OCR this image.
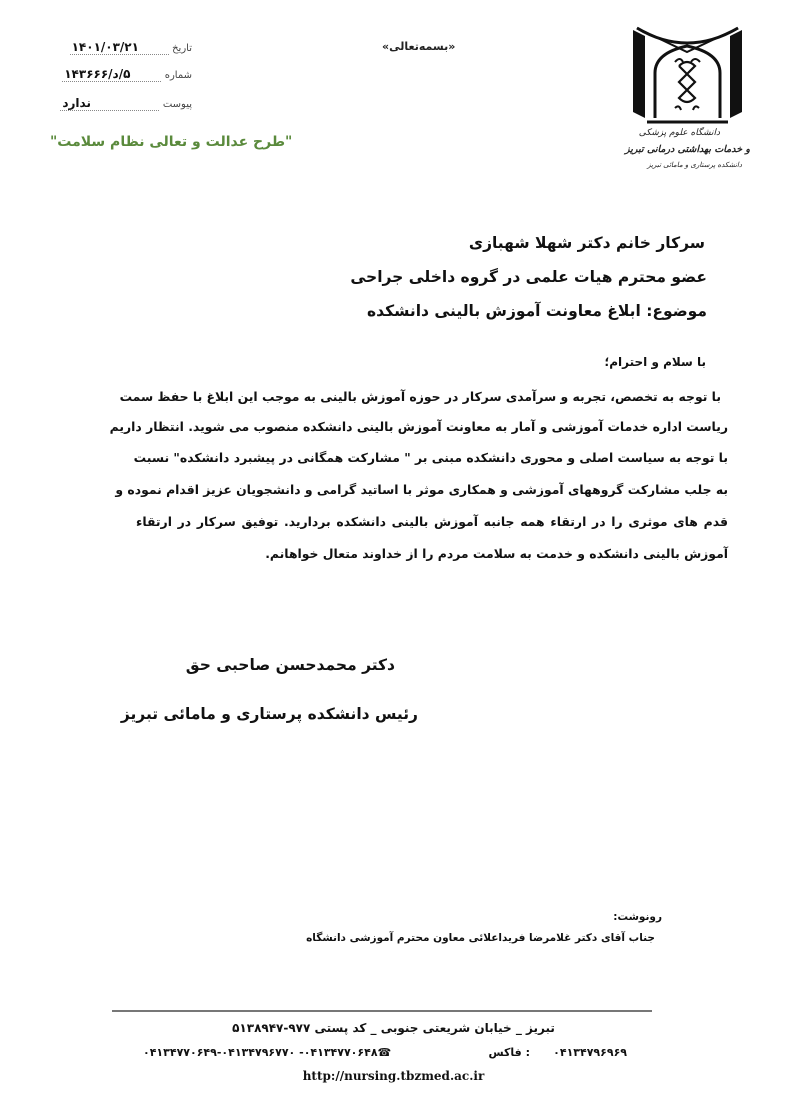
دانشگاه علوم پزشکی
و خدمات بهداشتی درمانی تبریز
دانشکده پرستاری و مامائی تبریز
«بسمه‌تعالی»
تاریخ ۱۴۰۱/۰۳/۲۱
شماره ۵/د/۱۴۳۶۶۶
پیوست ندارد
"طرح عدالت و تعالی نظام سلامت"
سرکار خانم دکتر شهلا شهبازی
عضو محترم هیات علمی در گروه داخلی جراحی
موضوع: ابلاغ معاونت آموزش بالینی دانشکده
با سلام و احترام؛
با توجه به تخصص، تجربه و سرآمدی سرکار در حوزه آموزش بالینی به موجب این ابلاغ با حفظ سمت
ریاست اداره خدمات آموزشی و آمار به معاونت آموزش بالینی دانشکده منصوب می شوید. انتظار داریم
با توجه به سیاست اصلی و محوری دانشکده مبنی بر " مشارکت همگانی در پیشبرد دانشکده" نسبت
به جلب مشارکت گروههای آموزشی و همکاری موثر با اساتید گرامی و دانشجویان عزیز اقدام نموده و
قدم های موثری را در ارتقاء همه جانبه آموزش بالینی دانشکده بردارید. توفیق سرکار در ارتقاء
آموزش بالینی دانشکده و خدمت به سلامت مردم را از خداوند متعال خواهانم.
دکتر محمدحسن صاحبی حق
رئیس دانشکده پرستاری و مامائی تبریز
رونوشت:
جناب آقای دکتر غلامرضا فریداعلائی معاون محترم آموزشی دانشگاه
تبریز _ خیابان شریعتی جنوبی _ کد پستی ۹۷۷-۵۱۳۸۹۴۷
۰۴۱۳۴۷۹۶۹۶۹
: فاکس
☎۰۴۱۳۴۷۷۰۶۴۸- ۰۴۱۳۴۷۷۰۶۴۹-۰۴۱۳۴۷۹۶۷۷۰
http://nursing.tbzmed.ac.ir
